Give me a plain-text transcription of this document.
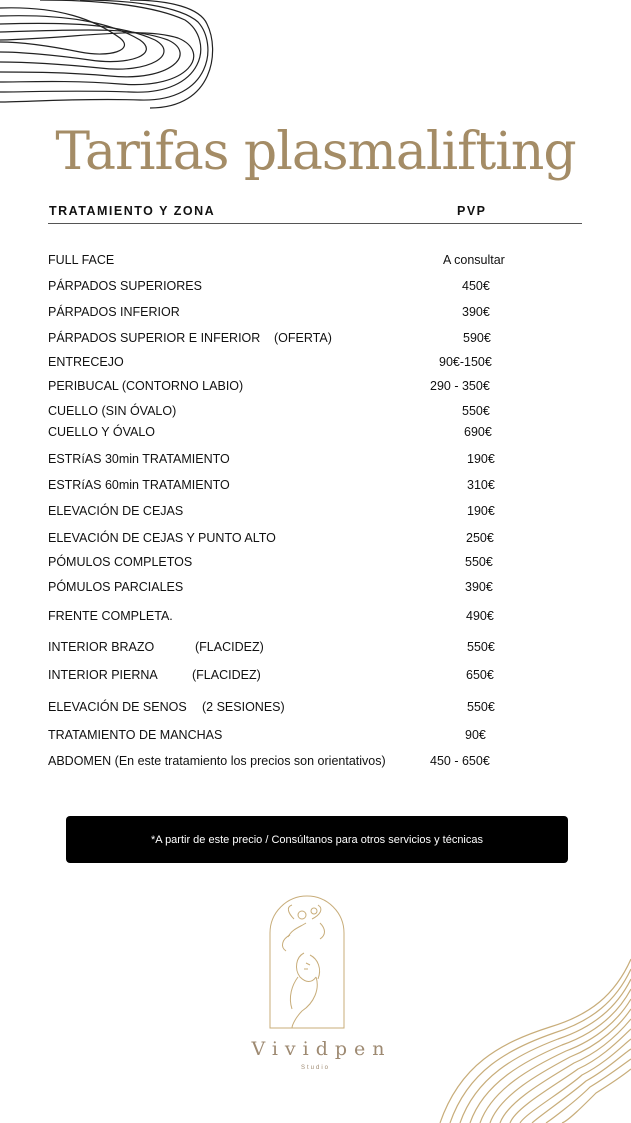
Tarifas plasmalifting
TRATAMIENTO Y ZONA	PVP
FULL FACE	A consultar
PÁRPADOS SUPERIORES	450€
PÁRPADOS INFERIOR	390€
PÁRPADOS SUPERIOR E INFERIOR (OFERTA)	590€
ENTRECEJO	90€-150€
PERIBUCAL (CONTORNO LABIO)	290 - 350€
CUELLO (SIN ÓVALO)	550€
CUELLO Y ÓVALO	690€
ESTRíAS 30min TRATAMIENTO	190€
ESTRíAS 60min TRATAMIENTO	310€
ELEVACIÓN DE CEJAS	190€
ELEVACIÓN DE CEJAS Y PUNTO ALTO	250€
PÓMULOS COMPLETOS	550€
PÓMULOS PARCIALES	390€
FRENTE COMPLETA.	490€
INTERIOR BRAZO	(FLACIDEZ)	550€
INTERIOR PIERNA	(FLACIDEZ)	650€
ELEVACIÓN DE SENOS (2 SESIONES)	550€
TRATAMIENTO DE MANCHAS	90€
ABDOMEN (En este tratamiento los precios son orientativos)	450 - 650€
*A partir de este precio / Consúltanos para otros servicios y técnicas
Vividpen
Studio
